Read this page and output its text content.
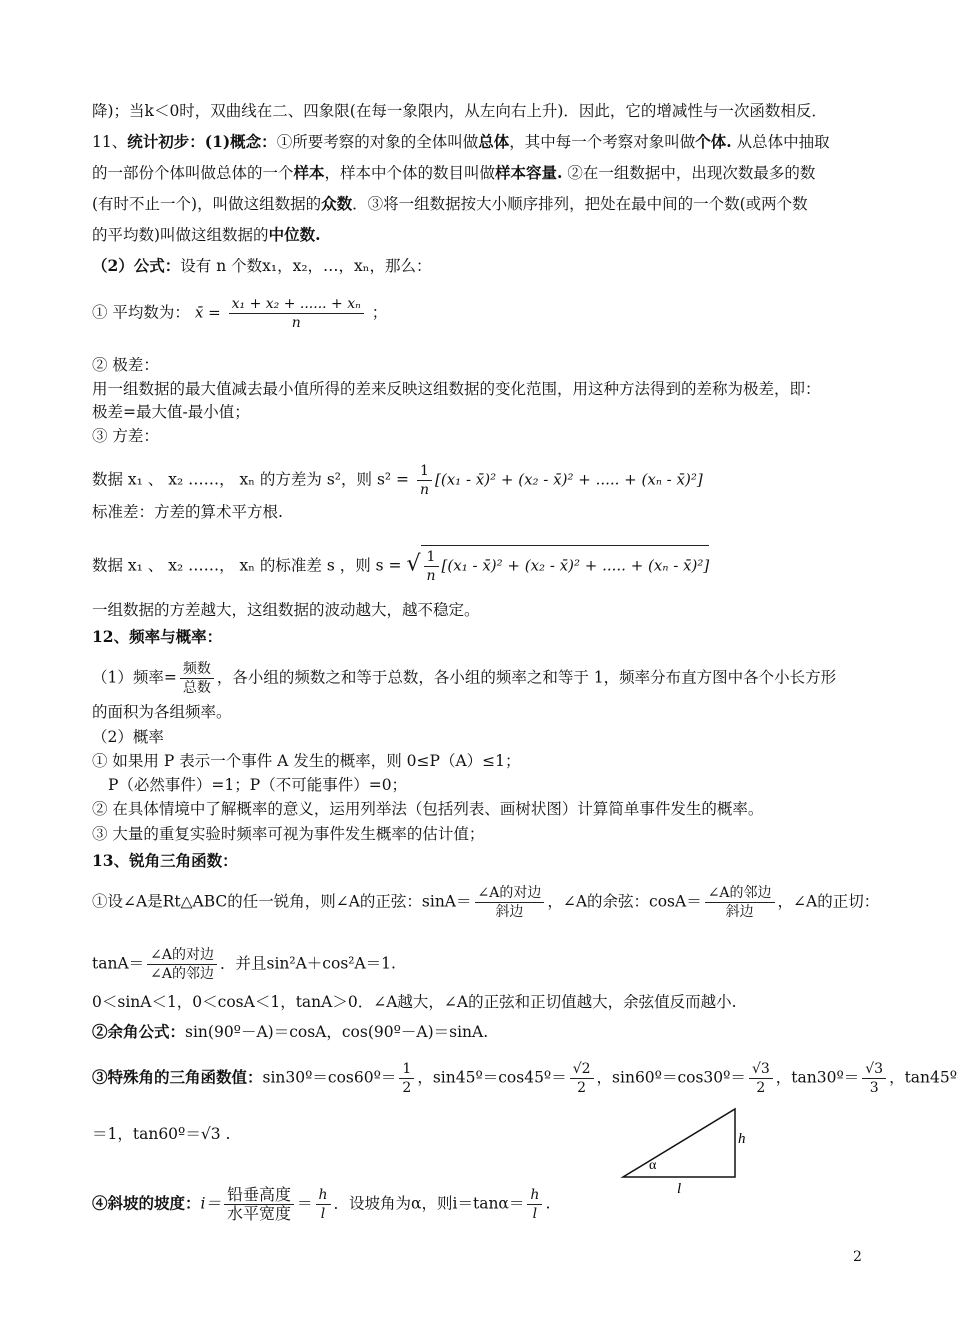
降)；当k＜0时，双曲线在二、四象限(在每一象限内，从左向右上升)．因此，它的增减性与一次函数相反．
11、统计初步：(1)概念：①所要考察的对象的全体叫做总体，其中每一个考察对象叫做个体. 从总体中抽取
的一部份个体叫做总体的一个样本，样本中个体的数目叫做样本容量. ②在一组数据中，出现次数最多的数
(有时不止一个)，叫做这组数据的众数．③将一组数据按大小顺序排列，把处在最中间的一个数(或两个数
的平均数)叫做这组数据的中位数.
（2）公式：设有 n 个数x₁，x₂，…，xₙ，那么：
① 平均数为： x̄ = $\frac{\text{x₁ + x₂ + ...... + xₙ}}{n}$ ；
② 极差：
用一组数据的最大值减去最小值所得的差来反映这组数据的变化范围，用这种方法得到的差称为极差，即：
极差=最大值-最小值；
③ 方差：
数据 x₁ 、 x₂ ……， xₙ 的方差为 s²，则 $s^2 = \frac{1}{n} [(x_1$ - x̄)² + (x₂ - x̄)² + ..... + (xₙ - x̄)²]
标准差：方差的算术平方根.
数据 x₁ 、 x₂ ……， xₙ 的标准差 s ，则 s = √ $\frac{1}{n} [(x_1$ - x̄)² + (x₂ - x̄)² + ..... + (xₙ - x̄)²]
一组数据的方差越大，这组数据的波动越大，越不稳定。
12、频率与概率：
（1）频率= $\frac{\text{频数}}{\text{总数}}$ ，各小组的频数之和等于总数，各小组的频率之和等于 1，频率分布直方图中各个小长方形
的面积为各组频率。
（2）概率
① 如果用 P 表示一个事件 A 发生的概率，则 0≤P（A）≤1；
P（必然事件）=1；P（不可能事件）=0；
② 在具体情境中了解概率的意义，运用列举法（包括列表、画树状图）计算简单事件发生的概率。
③ 大量的重复实验时频率可视为事件发生概率的估计值；
13、锐角三角函数：
①设∠A是Rt△ABC的任一锐角，则∠A的正弦：$\sin A= \frac{\text{∠A的对边}}{\text{斜边}}$ ，∠A的余弦：$\cos A= \frac{\text{∠A的邻边}}{\text{斜边}}$ ，∠A的正切：
$\tan A= \frac{\text{∠A的对边}}{\text{∠A的邻边}}$ ．并且sin²A＋cos²A＝1.
0＜sinA＜1，0＜cosA＜1，tanA＞0．∠A越大，∠A的正弦和正切值越大，余弦值反而越小.
②余角公式：sin(90º－A)＝cosA，cos(90º－A)＝sinA.
③特殊角的三角函数值：sin30º＝cos60º＝ $\frac{1}{2}$ ，sin45º＝cos45º＝ $\frac{√2}{2}$ ，sin60º＝cos30º＝ $\frac{√3}{2}$ ，tan30º＝ $\frac{√3}{3}$ ，tan45º
＝1，tan60º＝√3 .	h
l
α
④斜坡的坡度：$i= \frac{\text{铅垂高度}}{\text{水平宽度}} = \frac{h}{l}$ ．设坡角为α，则$i=\tan\alpha= \frac{h}{l}$ .
2
